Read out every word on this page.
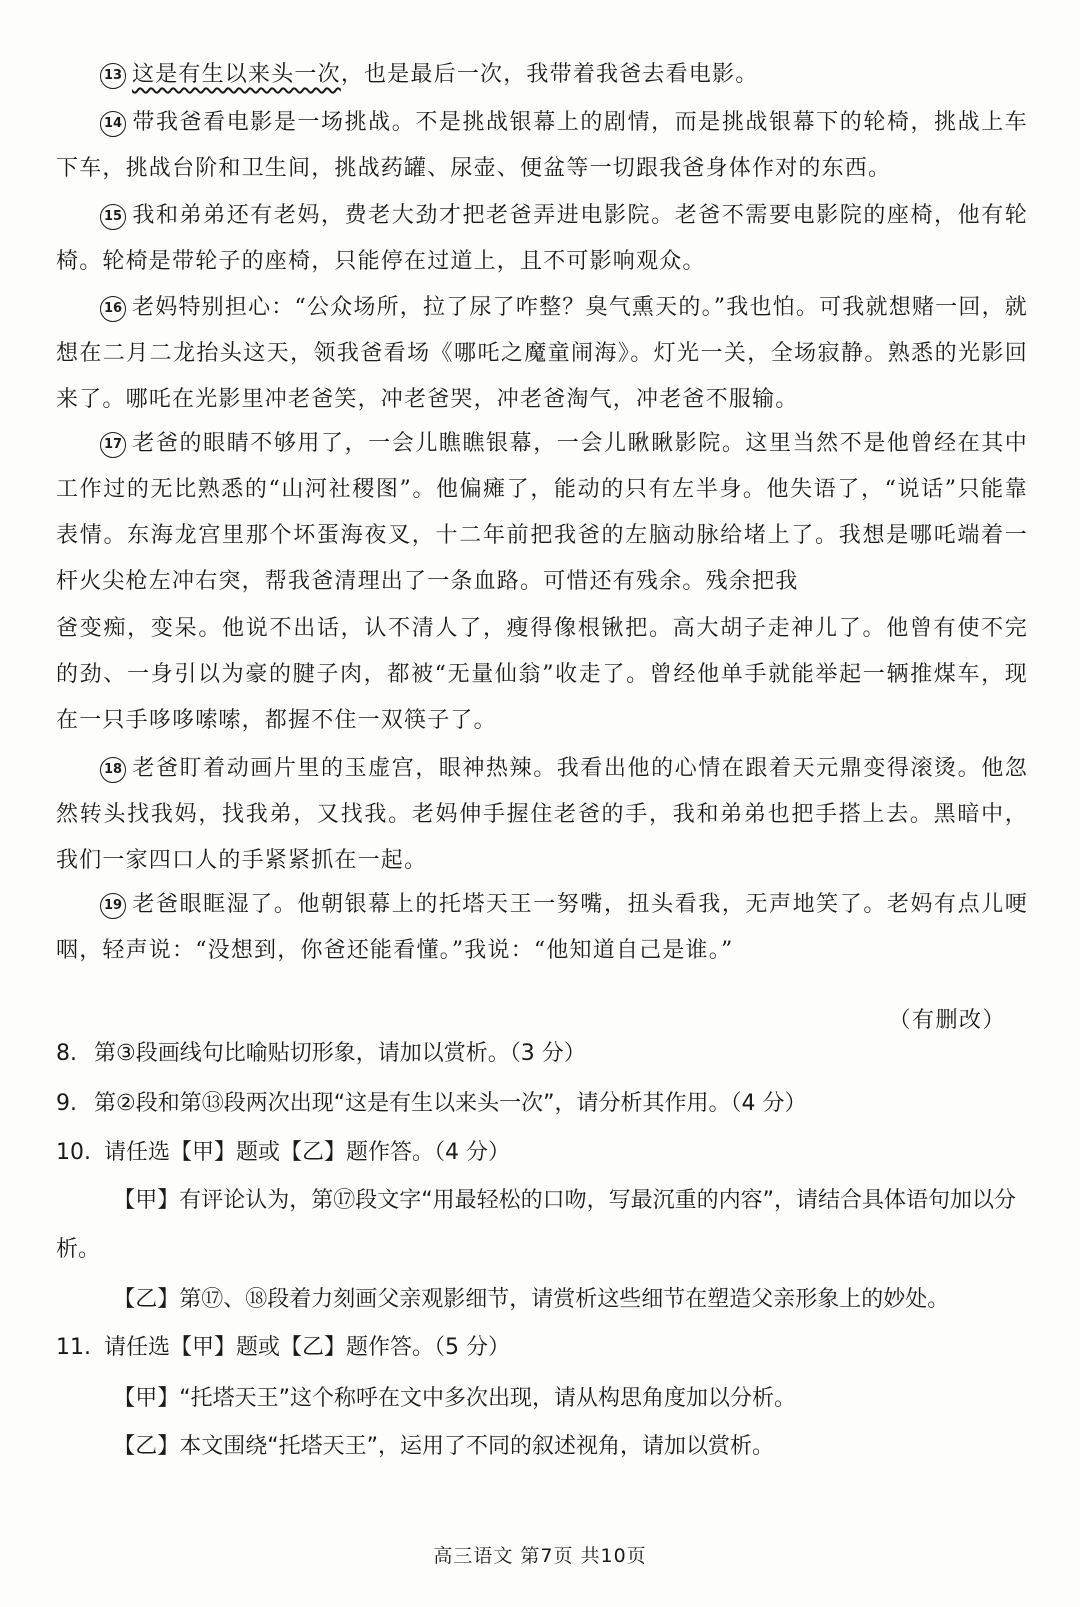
13 这是有生以来头一次，也是最后一次，我带着我爸去看电影。

14 带我爸看电影是一场挑战。不是挑战银幕上的剧情，而是挑战银幕下的轮椅，挑战上车下车，挑战台阶和卫生间，挑战药罐、尿壶、便盆等一切跟我爸身体作对的东西。

15 我和弟弟还有老妈，费老大劲才把老爸弄进电影院。老爸不需要电影院的座椅，他有轮椅。轮椅是带轮子的座椅，只能停在过道上，且不可影响观众。

16 老妈特别担心：“公众场所，拉了尿了咋整？臭气熏天的。”我也怕。可我就想赌一回，就想在二月二龙抬头这天，领我爸看场《哪吒之魔童闹海》。灯光一关，全场寂静。熟悉的光影回来了。哪吒在光影里冲老爸笑，冲老爸哭，冲老爸淘气，冲老爸不服输。

17 老爸的眼睛不够用了，一会儿瞧瞧银幕，一会儿瞅瞅影院。这里当然不是他曾经在其中工作过的无比熟悉的“山河社稷图”。他偏瘫了，能动的只有左半身。他失语了，“说话”只能靠表情。东海龙宫里那个坏蛋海夜叉，十二年前把我爸的左脑动脉给堵上了。我想是哪吒端着一杆火尖枪左冲右突，帮我爸清理出了一条血路。可惜还有残余。残余把我

爸变痴，变呆。他说不出话，认不清人了，瘦得像根锹把。高大胡子走神儿了。他曾有使不完的劲、一身引以为豪的腱子肉，都被“无量仙翁”收走了。曾经他单手就能举起一辆推煤车，现在一只手哆哆嗦嗦，都握不住一双筷子了。

18 老爸盯着动画片里的玉虚宫，眼神热辣。我看出他的心情在跟着天元鼎变得滚烫。他忽然转头找我妈，找我弟，又找我。老妈伸手握住老爸的手，我和弟弟也把手搭上去。黑暗中，我们一家四口人的手紧紧抓在一起。

19 老爸眼眶湿了。他朝银幕上的托塔天王一努嘴，扭头看我，无声地笑了。老妈有点儿哽咽，轻声说：“没想到，你爸还能看懂。”我说：“他知道自己是谁。”

（有删改）

8. 第③段画线句比喻贴切形象，请加以赏析。（3 分）

9. 第②段和第⑬段两次出现“这是有生以来头一次”，请分析其作用。（4 分）

10. 请任选【甲】题或【乙】题作答。（4 分）

【甲】有评论认为，第⑰段文字“用最轻松的口吻，写最沉重的内容”，请结合具体语句加以分析。

【乙】第⑰、⑱段着力刻画父亲观影细节，请赏析这些细节在塑造父亲形象上的妙处。

11. 请任选【甲】题或【乙】题作答。（5 分）

【甲】“托塔天王”这个称呼在文中多次出现，请从构思角度加以分析。

【乙】本文围绕“托塔天王”，运用了不同的叙述视角，请加以赏析。

高三语文 第7页 共10页
